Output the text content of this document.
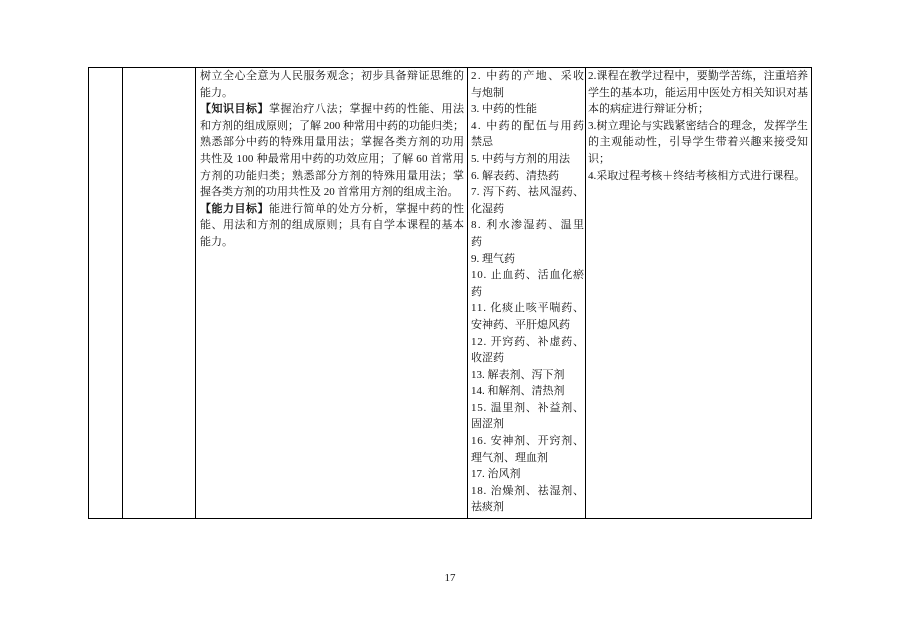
树立全心全意为人民服务观念；初步具备辩证思维的
能力。
【知识目标】掌握治疗八法；掌握中药的性能、用法
和方剂的组成原则；了解 200 种常用中药的功能归类；
熟悉部分中药的特殊用量用法；掌握各类方剂的功用
共性及 100 种最常用中药的功效应用；了解 60 首常用
方剂的功能归类；熟悉部分方剂的特殊用量用法；掌
握各类方剂的功用共性及 20 首常用方剂的组成主治。
【能力目标】能进行简单的处方分析，掌握中药的性
能、用法和方剂的组成原则；具有自学本课程的基本
能力。
2. 中药的产地、采收
与炮制
3. 中药的性能
4. 中药的配伍与用药
禁忌
5. 中药与方剂的用法
6. 解表药、清热药
7. 泻下药、祛风湿药、
化湿药
8. 利水渗湿药、温里
药
9. 理气药
10. 止血药、活血化瘀
药
11. 化痰止咳平喘药、
安神药、平肝熄风药
12. 开窍药、补虚药、
收涩药
13. 解表剂、泻下剂
14. 和解剂、清热剂
15. 温里剂、补益剂、
固涩剂
16. 安神剂、开窍剂、
理气剂、理血剂
17. 治风剂
18. 治燥剂、祛湿剂、
祛痰剂
2.课程在教学过程中，要勤学苦练，注重培养
学生的基本功，能运用中医处方相关知识对基
本的病症进行辩证分析；
3.树立理论与实践紧密结合的理念，发挥学生
的主观能动性，引导学生带着兴趣来接受知
识；
4.采取过程考核＋终结考核相方式进行课程。
17
